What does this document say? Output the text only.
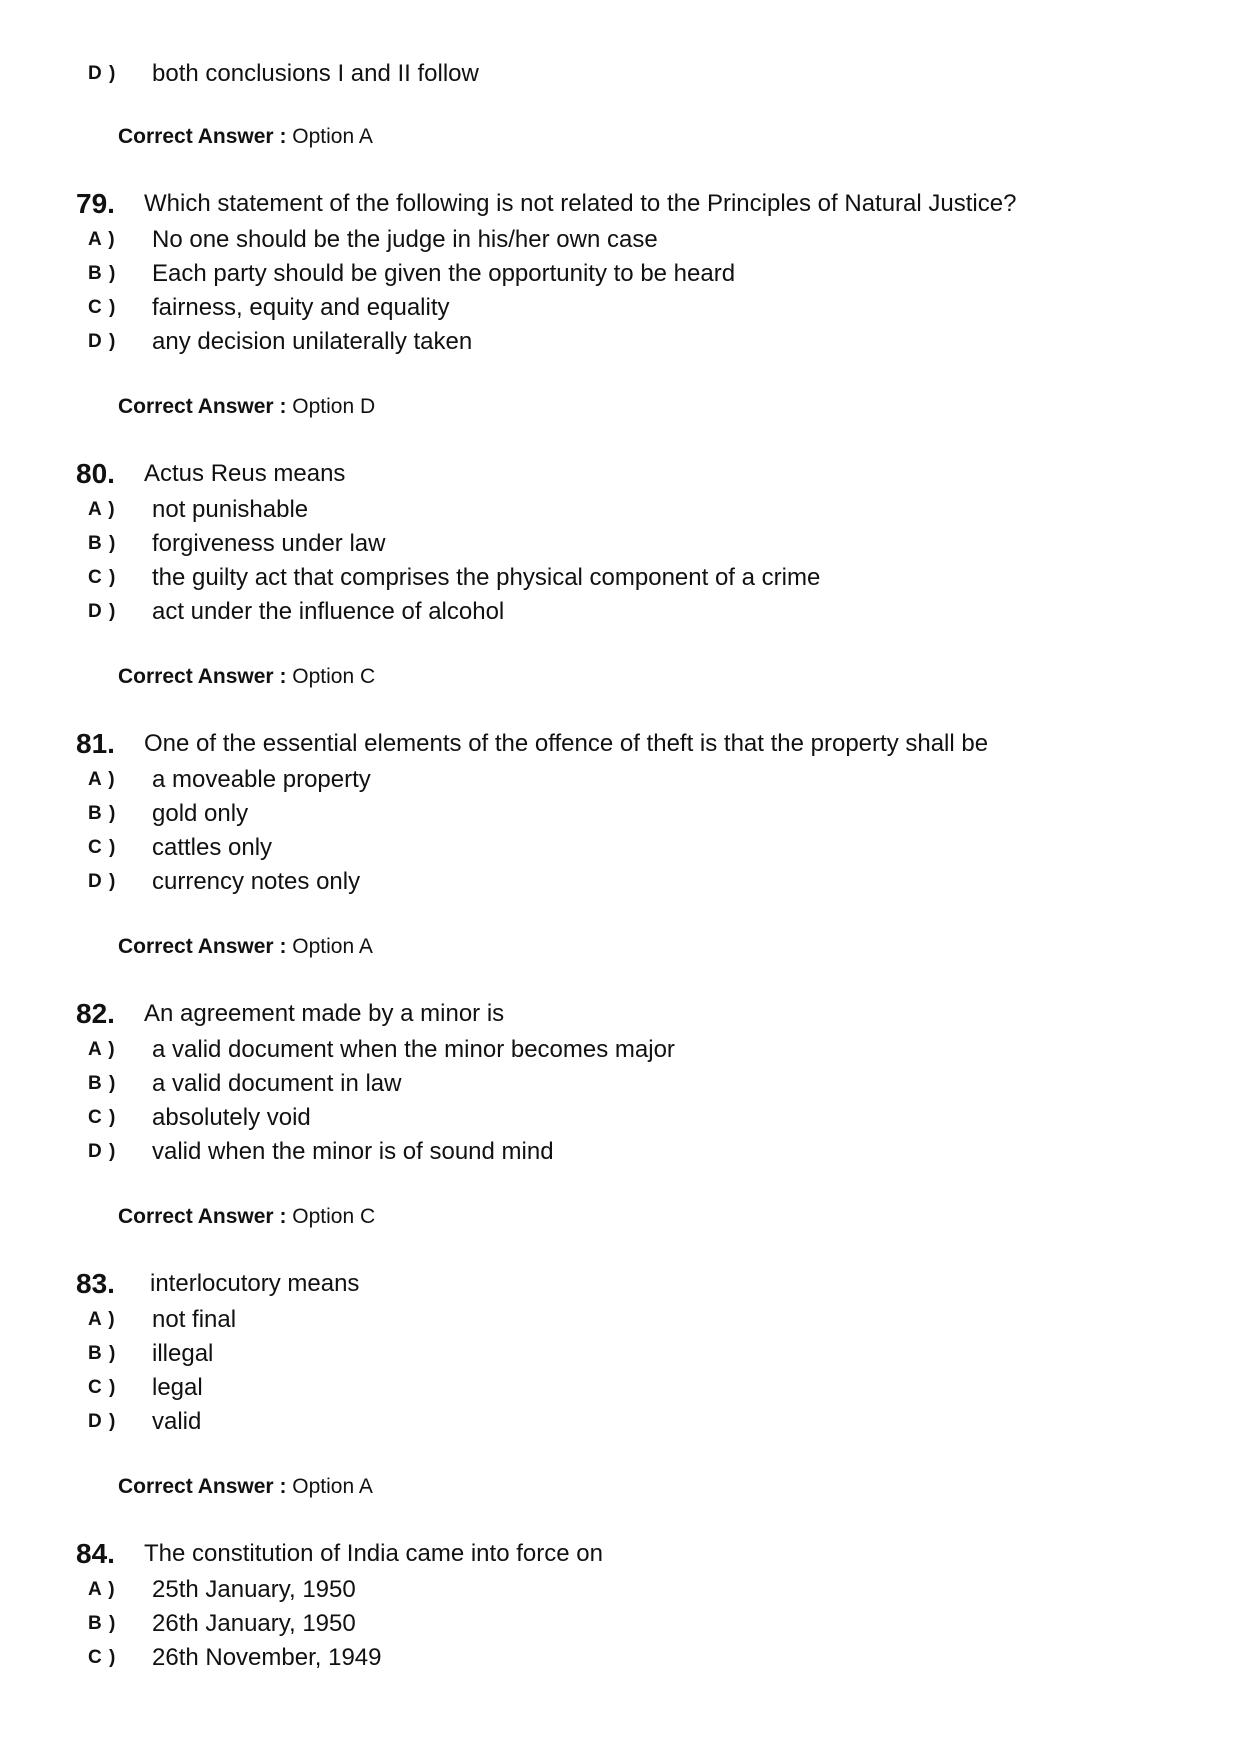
D )	both conclusions I and II follow
Correct Answer : Option A
79.	Which statement of the following is not related to the Principles of Natural Justice?
A )	No one should be the judge in his/her own case
B )	Each party should be given the opportunity to be heard
C )	fairness, equity and equality
D )	any decision unilaterally taken
Correct Answer : Option D
80.	Actus Reus means
A )	not punishable
B )	forgiveness under law
C )	the guilty act that comprises the physical component of a crime
D )	act under the influence of alcohol
Correct Answer : Option C
81.	One of the essential elements of the offence of theft is that the property shall be
A )	a moveable property
B )	gold only
C )	cattles only
D )	currency notes only
Correct Answer : Option A
82.	An agreement made by a minor is
A )	a valid document when the minor becomes major
B )	a valid document in law
C )	absolutely void
D )	valid when the minor is of sound mind
Correct Answer : Option C
83.	interlocutory means
A )	not final
B )	illegal
C )	legal
D )	valid
Correct Answer : Option A
84.	The constitution of India came into force on
A )	25th January, 1950
B )	26th January, 1950
C )	26th November, 1949
